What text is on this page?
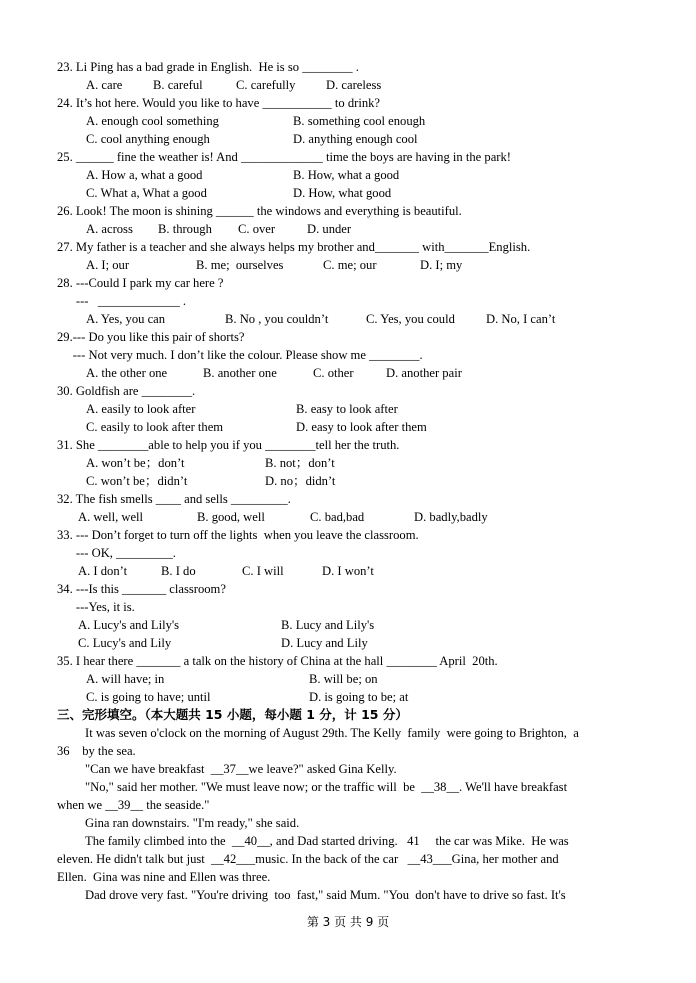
23. Li Ping has a bad grade in English.  He is so ________ .
A. care B. careful	C. carefully D. careless
24. It’s hot here. Would you like to have ___________ to drink?
A. enough cool something	B. something cool enough
C. cool anything enough	D. anything enough cool
25. ______ fine the weather is! And _____________ time the boys are having in the park!
A. How a, what a good	B. How, what a good
C. What a, What a good	D. How, what good
26. Look! The moon is shining ______ the windows and everything is beautiful.
A. across B. through C. over	D. under
27. My father is a teacher and she always helps my brother and_______ with_______English.
A. I; our	B. me;  ourselves	C. me; our	D. I; my
28. ---Could I park my car here ?
---   _____________ .
A. Yes, you can	B. No , you couldn’t	C. Yes, you could D. No, I can’t
29.--- Do you like this pair of shorts?
--- Not very much. I don’t like the colour. Please show me ________.
A. the other one	B. another one	C. other	D. another pair
30. Goldfish are ________.
A. easily to look after	B. easy to look after
C. easily to look after them	D. easy to look after them
31. She ________able to help you if you ________tell her the truth.
A. won’t be；don’t	B. not；don’t
C. won’t be；didn’t	D. no；didn’t
32. The fish smells ____ and sells _________.
A. well, well	B. good, well	C. bad,bad	D. badly,badly
33. --- Don’t forget to turn off the lights  when you leave the classroom.
--- OK, _________.
A. I don’t	B. I do	C. I will	D. I won’t
34. ---Is this _______ classroom?
---Yes, it is.
A. Lucy's and Lily's	B. Lucy and Lily's
C. Lucy's and Lily	D. Lucy and Lily
35. I hear there _______ a talk on the history of China at the hall ________ April  20th.
A. will have; in	B. will be; on
C. is going to have; until	D. is going to be; at
三、完形填空。（本大题共 15 小题，每小题 1 分，计 15 分）
It was seven o'clock on the morning of August 29th. The Kelly  family  were going to Brighton,  a
36    by the sea.
"Can we have breakfast  __37__we leave?" asked Gina Kelly.
"No," said her mother. "We must leave now; or the traffic will  be  __38__. We'll have breakfast
when we __39__ the seaside."
Gina ran downstairs. "I'm ready," she said.
The family climbed into the  __40__, and Dad started driving.   41     the car was Mike.  He was
eleven. He didn't talk but just  __42___music. In the back of the car   __43___Gina, her mother and
Ellen.  Gina was nine and Ellen was three.
Dad drove very fast. "You're driving  too  fast," said Mum. "You  don't have to drive so fast. It's
第 3 页 共 9 页
